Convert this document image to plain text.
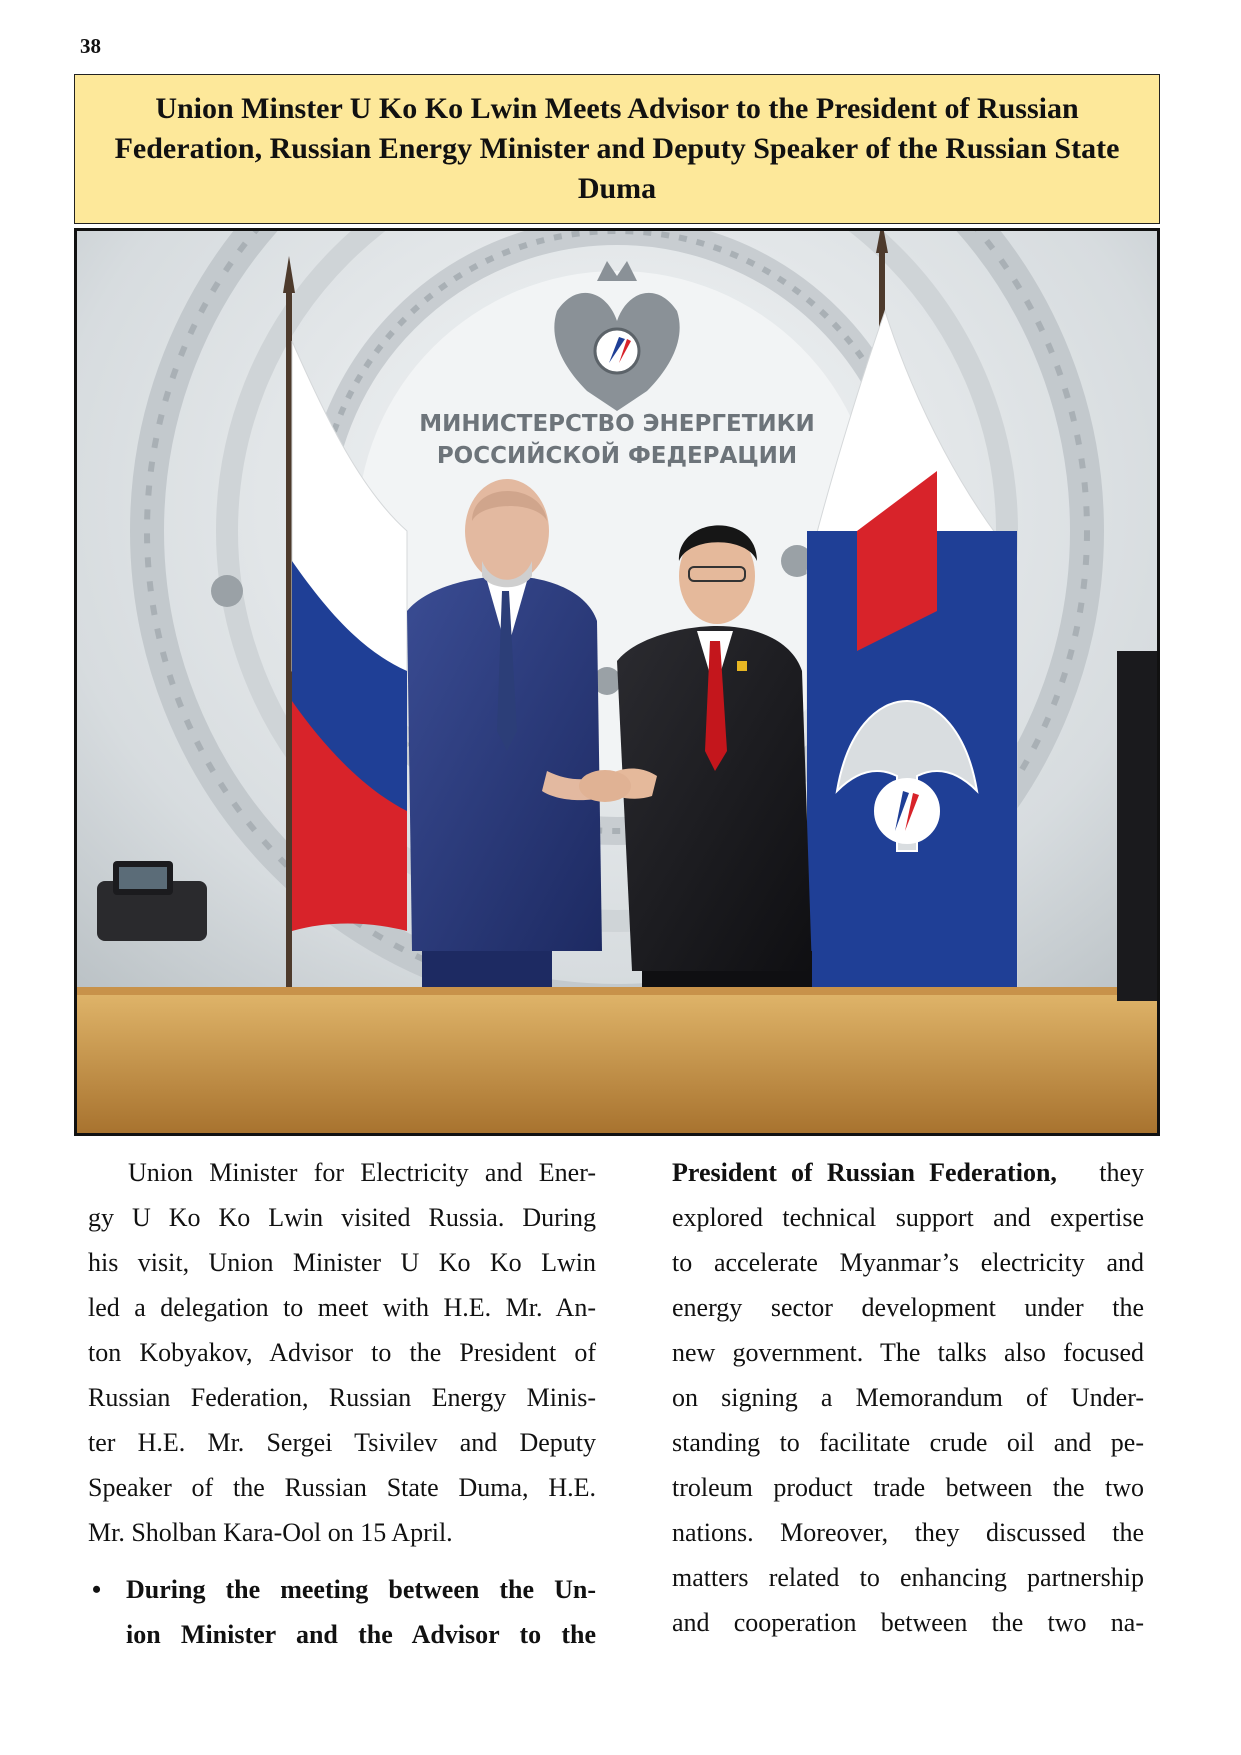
38
Union Minster U Ko Ko Lwin Meets Advisor to the President of Russian Federation, Russian Energy Minister and Deputy Speaker of the Russian State Duma
МИНИСТЕРСТВО ЭНЕРГЕТИКИ
РОССИЙСКОЙ ФЕДЕРАЦИИ
Union Minister for Electricity and Ener-
gy U Ko Ko Lwin visited Russia. During
his visit, Union Minister U Ko Ko Lwin
led a delegation to meet with H.E. Mr. An-
ton Kobyakov, Advisor to the President of
Russian Federation, Russian Energy Minis-
ter H.E. Mr. Sergei Tsivilev and Deputy
Speaker of the Russian State Duma, H.E.
Mr. Sholban Kara-Ool on 15 April.
• During the meeting between the Un-
ion Minister and the Advisor to the
President of Russian Federation, they
explored technical support and expertise
to accelerate Myanmar’s electricity and
energy sector development under the
new government. The talks also focused
on signing a Memorandum of Under-
standing to facilitate crude oil and pe-
troleum product trade between the two
nations. Moreover, they discussed the
matters related to enhancing partnership
and cooperation between the two na-
